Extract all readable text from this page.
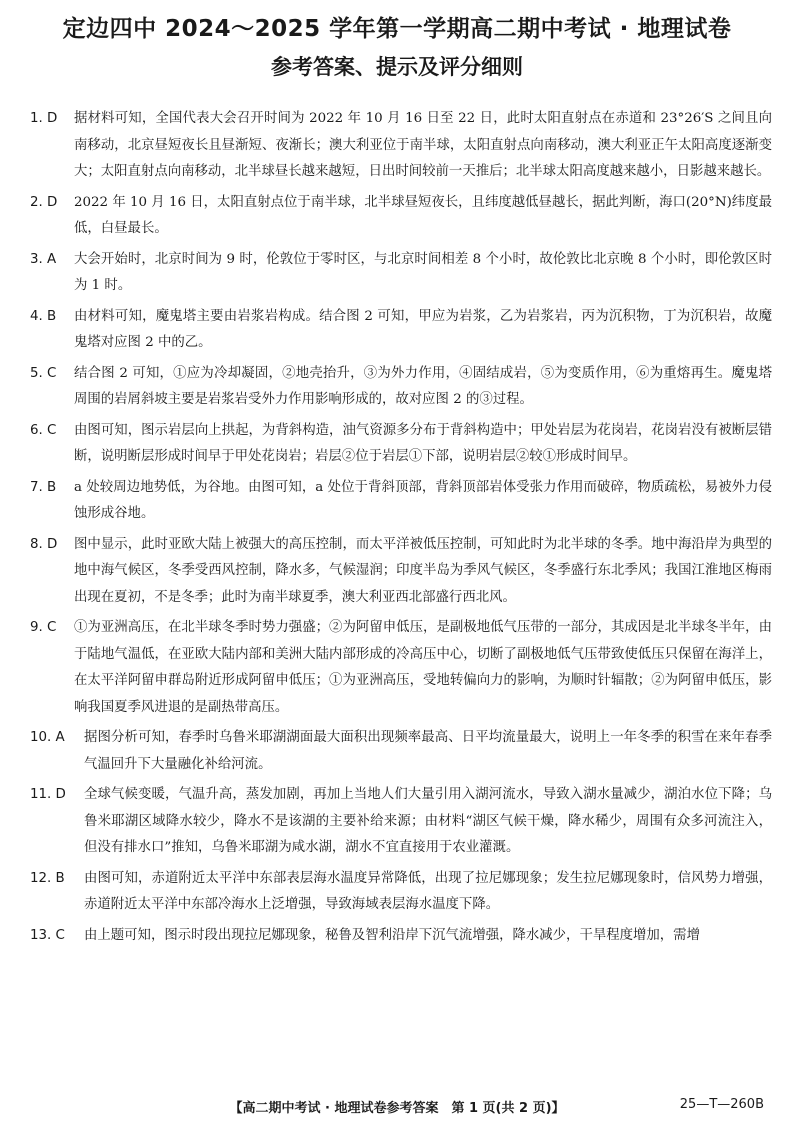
定边四中 2024～2025 学年第一学期高二期中考试 · 地理试卷
参考答案、提示及评分细则
1. D	据材料可知，全国代表大会召开时间为 2022 年 10 月 16 日至 22 日，此时太阳直射点在赤道和 23°26′S 之间且向南移动，北京昼短夜长且昼渐短、夜渐长；澳大利亚位于南半球，太阳直射点向南移动，澳大利亚正午太阳高度逐渐变大；太阳直射点向南移动，北半球昼长越来越短，日出时间较前一天推后；北半球太阳高度越来越小，日影越来越长。
2. D	2022 年 10 月 16 日，太阳直射点位于南半球，北半球昼短夜长，且纬度越低昼越长，据此判断，海口(20°N)纬度最低，白昼最长。
3. A	大会开始时，北京时间为 9 时，伦敦位于零时区，与北京时间相差 8 个小时，故伦敦比北京晚 8 个小时，即伦敦区时为 1 时。
4. B	由材料可知，魔鬼塔主要由岩浆岩构成。结合图 2 可知，甲应为岩浆，乙为岩浆岩，丙为沉积物，丁为沉积岩，故魔鬼塔对应图 2 中的乙。
5. C	结合图 2 可知，①应为冷却凝固，②地壳抬升，③为外力作用，④固结成岩，⑤为变质作用，⑥为重熔再生。魔鬼塔周围的岩屑斜坡主要是岩浆岩受外力作用影响形成的，故对应图 2 的③过程。
6. C	由图可知，图示岩层向上拱起，为背斜构造，油气资源多分布于背斜构造中；甲处岩层为花岗岩，花岗岩没有被断层错断，说明断层形成时间早于甲处花岗岩；岩层②位于岩层①下部，说明岩层②较①形成时间早。
7. B	a 处较周边地势低，为谷地。由图可知，a 处位于背斜顶部，背斜顶部岩体受张力作用而破碎，物质疏松，易被外力侵蚀形成谷地。
8. D	图中显示，此时亚欧大陆上被强大的高压控制，而太平洋被低压控制，可知此时为北半球的冬季。地中海沿岸为典型的地中海气候区，冬季受西风控制，降水多，气候湿润；印度半岛为季风气候区，冬季盛行东北季风；我国江淮地区梅雨出现在夏初，不是冬季；此时为南半球夏季，澳大利亚西北部盛行西北风。
9. C	①为亚洲高压，在北半球冬季时势力强盛；②为阿留申低压，是副极地低气压带的一部分，其成因是北半球冬半年，由于陆地气温低，在亚欧大陆内部和美洲大陆内部形成的冷高压中心，切断了副极地低气压带致使低压只保留在海洋上，在太平洋阿留申群岛附近形成阿留申低压；①为亚洲高压，受地转偏向力的影响，为顺时针辐散；②为阿留申低压，影响我国夏季风进退的是副热带高压。
10. A	据图分析可知，春季时乌鲁米耶湖湖面最大面积出现频率最高、日平均流量最大，说明上一年冬季的积雪在来年春季气温回升下大量融化补给河流。
11. D	全球气候变暖，气温升高，蒸发加剧，再加上当地人们大量引用入湖河流水，导致入湖水量减少，湖泊水位下降；乌鲁米耶湖区域降水较少，降水不是该湖的主要补给来源；由材料“湖区气候干燥，降水稀少，周围有众多河流注入，但没有排水口”推知，乌鲁米耶湖为咸水湖，湖水不宜直接用于农业灌溉。
12. B	由图可知，赤道附近太平洋中东部表层海水温度异常降低，出现了拉尼娜现象；发生拉尼娜现象时，信风势力增强，赤道附近太平洋中东部冷海水上泛增强，导致海域表层海水温度下降。
13. C	由上题可知，图示时段出现拉尼娜现象，秘鲁及智利沿岸下沉气流增强，降水减少，干旱程度增加，需增
【高二期中考试 · 地理试卷参考答案　第 1 页(共 2 页)】	25—T—260B
